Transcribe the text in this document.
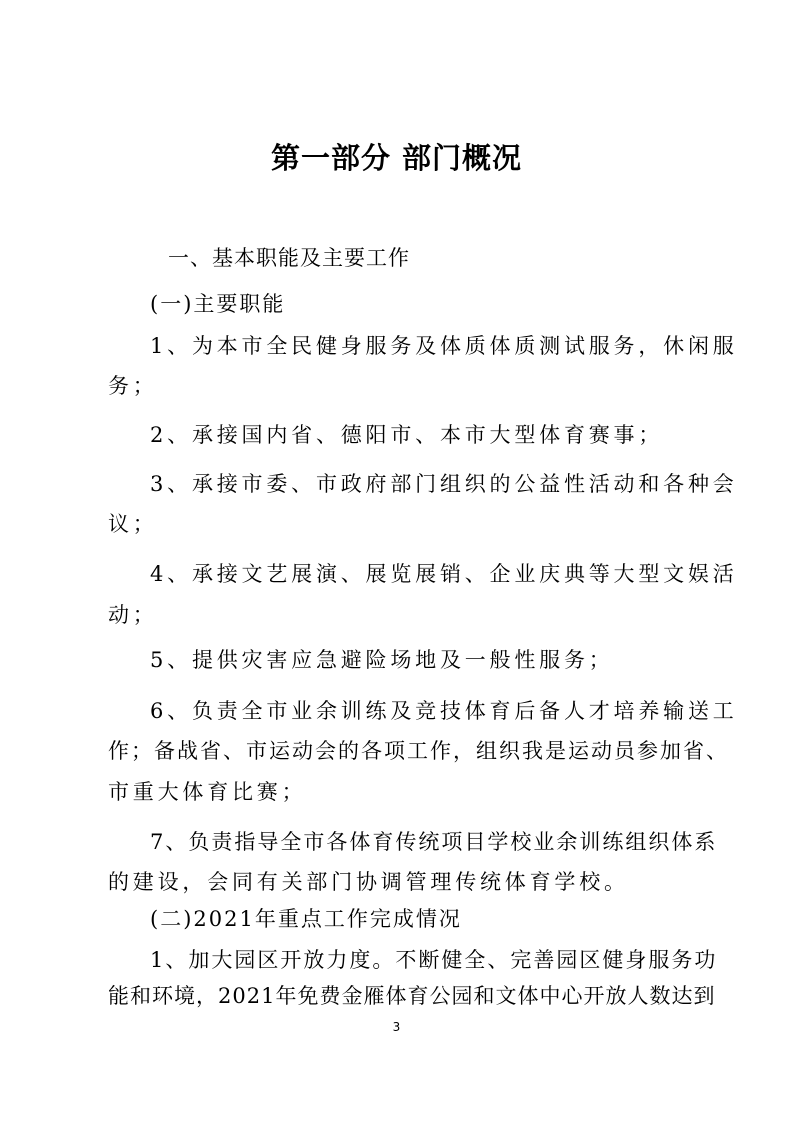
第一部分 部门概况
一、基本职能及主要工作
(一)主要职能
1、为本市全民健身服务及体质体质测试服务，休闲服
务；
2、承接国内省、德阳市、本市大型体育赛事；
3、承接市委、市政府部门组织的公益性活动和各种会
议；
4、承接文艺展演、展览展销、企业庆典等大型文娱活
动；
5、提供灾害应急避险场地及一般性服务；
6、负责全市业余训练及竞技体育后备人才培养输送工
作；备战省、市运动会的各项工作，组织我是运动员参加省、
市重大体育比赛；
7、负责指导全市各体育传统项目学校业余训练组织体系
的建设，会同有关部门协调管理传统体育学校。
(二)2021年重点工作完成情况
1、加大园区开放力度。不断健全、完善园区健身服务功
能和环境，2021年免费金雁体育公园和文体中心开放人数达到
3
